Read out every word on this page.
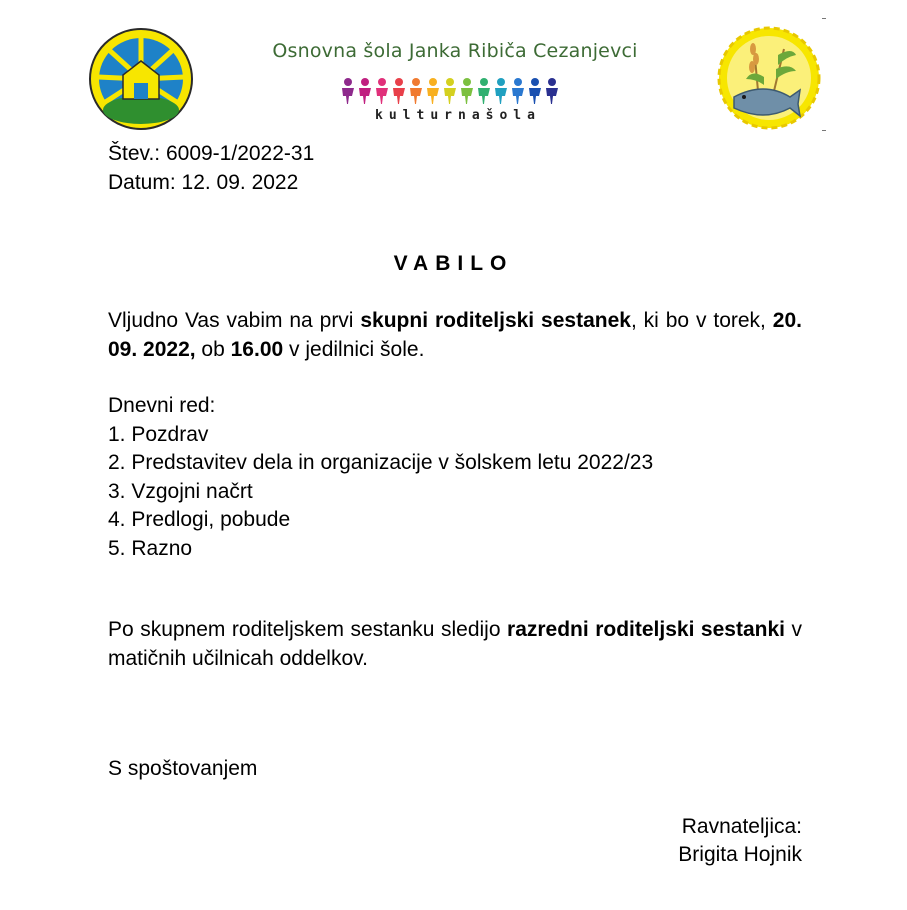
Osnovna šola Janka Ribiča Cezanjevci
kulturnašola
Štev.: 6009-1/2022-31
Datum: 12. 09. 2022
VABILO
Vljudno Vas vabim na prvi skupni roditeljski sestanek, ki bo v torek, 20. 09. 2022, ob 16.00 v jedilnici šole.
Dnevni red:
1. Pozdrav
2. Predstavitev dela in organizacije v šolskem letu 2022/23
3. Vzgojni načrt
4. Predlogi, pobude
5. Razno
Po skupnem roditeljskem sestanku sledijo razredni roditeljski sestanki v matičnih učilnicah oddelkov.
S spoštovanjem
Ravnateljica:
Brigita Hojnik
